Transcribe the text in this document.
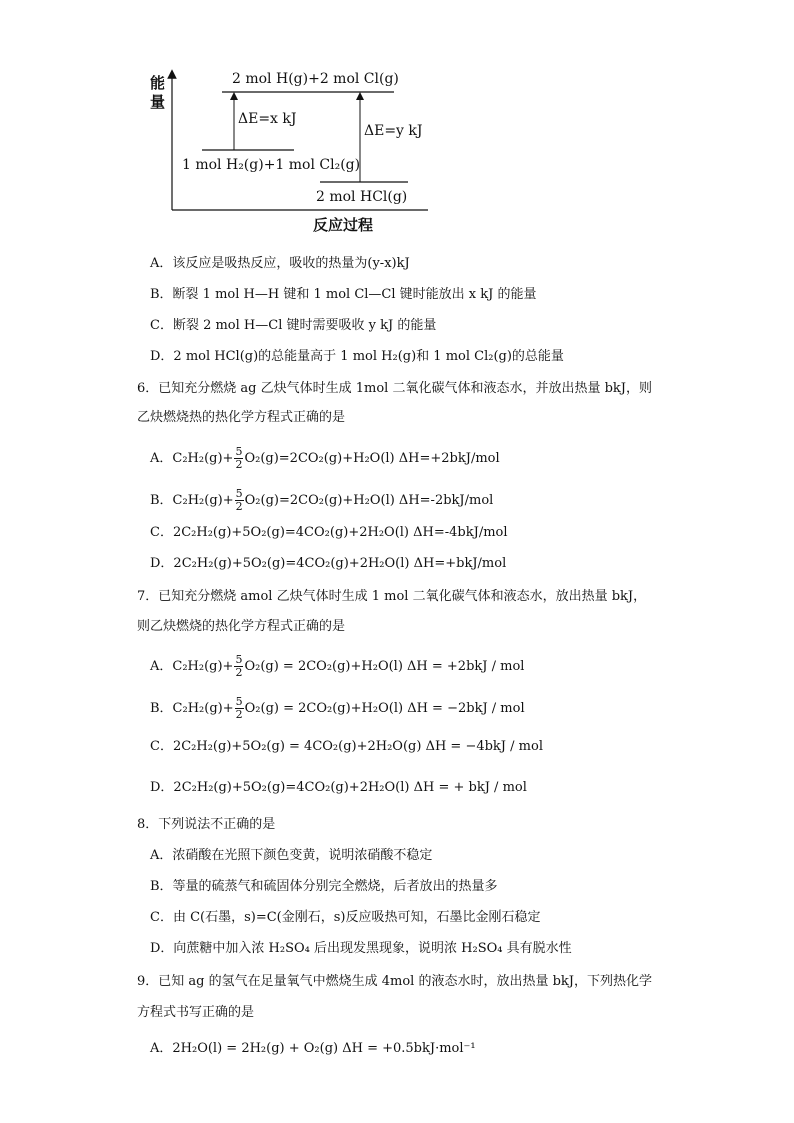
能量
反应过程
2 mol H(g)+2 mol Cl(g)
ΔE=x kJ
ΔE=y kJ
1 mol H₂(g)+1 mol Cl₂(g)
2 mol HCl(g)
A．该反应是吸热反应，吸收的热量为(y-x)kJ
B．断裂 1 mol H—H 键和 1 mol Cl—Cl 键时能放出 x kJ 的能量
C．断裂 2 mol H—Cl 键时需要吸收 y kJ 的能量
D．2 mol HCl(g)的总能量高于 1 mol H₂(g)和 1 mol Cl₂(g)的总能量
6．已知充分燃烧 ag 乙炔气体时生成 1mol 二氧化碳气体和液态水，并放出热量 bkJ，则
乙炔燃烧热的热化学方程式正确的是
A．$C_2H_2(g)+ \frac{5}{2} O_2(g)=2CO_2(g)+H_2O(l)$ ΔH=+2bkJ/mol
B．$C_2H_2(g)+ \frac{5}{2} O_2(g)=2CO_2(g)+H_2O(l)$ ΔH=-2bkJ/mol
C．2C₂H₂(g)+5O₂(g)=4CO₂(g)+2H₂O(l) ΔH=-4bkJ/mol
D．2C₂H₂(g)+5O₂(g)=4CO₂(g)+2H₂O(l) ΔH=+bkJ/mol
7．已知充分燃烧 amol 乙炔气体时生成 1 mol 二氧化碳气体和液态水，放出热量 bkJ，
则乙炔燃烧的热化学方程式正确的是
A．$C_2H_2(g)+ \frac{5}{2} O_2(g) = 2CO_2(g)+H_2O(l) \Delta H = +2bkJ$ / mol
B．$C_2H_2(g)+ \frac{5}{2} O_2(g) = 2CO_2(g)+H_2O(l) \Delta H = -2bkJ$ / mol
C．2C₂H₂(g)+5O₂(g) = 4CO₂(g)+2H₂O(g) ΔH = −4bkJ / mol
D．2C₂H₂(g)+5O₂(g)=4CO₂(g)+2H₂O(l) ΔH = + bkJ / mol
8．下列说法不正确的是
A．浓硝酸在光照下颜色变黄，说明浓硝酸不稳定
B．等量的硫蒸气和硫固体分别完全燃烧，后者放出的热量多
C．由 C(石墨，s)=C(金刚石，s)反应吸热可知，石墨比金刚石稳定
D．向蔗糖中加入浓 H₂SO₄ 后出现发黑现象，说明浓 H₂SO₄ 具有脱水性
9．已知 ag 的氢气在足量氧气中燃烧生成 4mol 的液态水时，放出热量 bkJ，下列热化学
方程式书写正确的是
A．2H₂O(l) = 2H₂(g) + O₂(g) ΔH = +0.5bkJ·mol⁻¹
